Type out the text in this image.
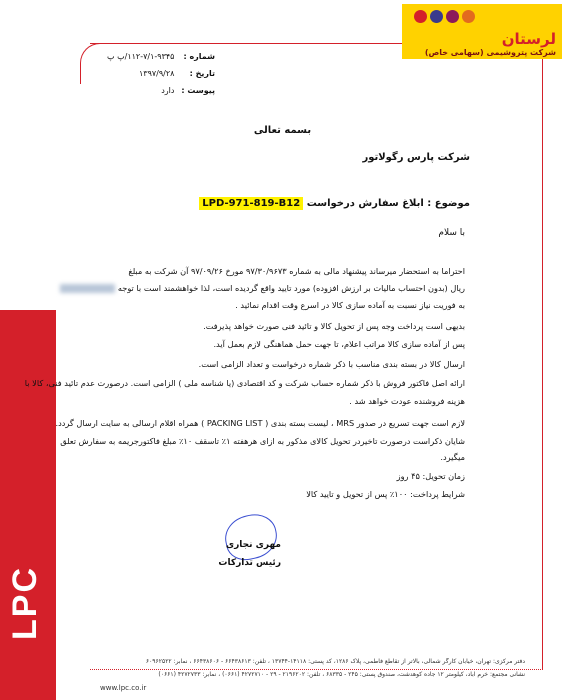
LPC
لرستان
شرکت پتروشیمی (سهامی خاص)
شماره : ۱۱۲-۷/۱-۹۳۴۵/پ پ
تاریخ : ۱۳۹۷/۹/۲۸
پیوست : دارد
بسمه تعالی
شرکت پارس رگولاتور
موضوع : ابلاغ سفارش درخواست LPD-971-819-B12
با سلام
احتراما به استحضار میرساند پیشنهاد مالی به شماره ۹۷/۳۰/۹۶۷۳ مورخ ۹۷/۰۹/۲۶ آن شرکت به مبلغ
ریال (بدون احتساب مالیات بر ارزش افزوده) مورد تایید واقع گردیده است، لذا خواهشمند است با توجه
به فوریت نیاز نسبت به آماده سازی کالا در اسرع وقت اقدام نمائید .
بدیهی است پرداخت وجه پس از تحویل کالا و تائید فنی صورت خواهد پذیرفت.
پس از آماده سازی کالا مراتب اعلام، تا جهت حمل هماهنگی لازم بعمل آید.
ارسال کالا در بسته بندی مناسب با ذکر شماره درخواست و تعداد الزامی است.
ارائه اصل فاکتور فروش با ذکر شماره حساب شرکت و کد اقتصادی (یا شناسه ملی ) الزامی است. درصورت عدم تائید فنی، کالا با
هزینه فروشنده عودت خواهد شد .
لازم است جهت تسریع در صدور MRS ، لیست بسته بندی ( PACKING LIST ) همراه اقلام ارسالی به سایت ارسال گردد.
شایان ذکراست درصورت تاخیردر تحویل کالای مذکور به ازای هرهفته ۱٪ تاسقف ۱۰٪ مبلغ فاکتورجریمه به سفارش تعلق
میگیرد.
زمان تحویل: ۴۵ روز
شرایط پرداخت: ۱۰۰٪ پس از تحویل و تایید کالا
مهری نجاری
رئیس تدارکات
دفتر مرکزی: تهران، خیابان کارگر شمالی، بالاتر از تقاطع فاطمی، پلاک ۱۲۸۶، کد پستی: ۱۴۱۱۸-۱۳۷۴۴ ، تلفن: ۶۶۴۳۸۶۱۳ - ۶۶۴۳۸۶۰۶ ، نمابر: ۶۰۹۶۲۵۲۲
نشانی مجتمع: خرم آباد، کیلومتر ۱۲ جاده کوهدشت، صندوق پستی: ۲۴۵ - ۶۸۳۳۵ ، تلفن: ۲۱۹۶۲۰۲ - ۲۹ - ۴۲۷۲۷۱۰ (۰۶۶۱) ، نمابر: ۴۲۷۲۷۳۳ (۰۶۶۱)
www.lpc.co.ir
